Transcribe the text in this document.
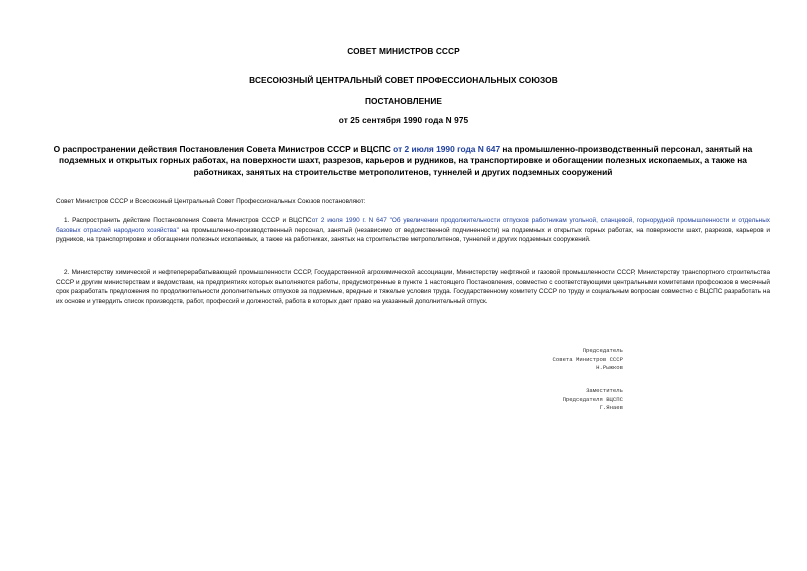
СОВЕТ МИНИСТРОВ СССР
ВСЕСОЮЗНЫЙ ЦЕНТРАЛЬНЫЙ СОВЕТ ПРОФЕССИОНАЛЬНЫХ СОЮЗОВ
ПОСТАНОВЛЕНИЕ
от 25 сентября 1990 года N 975
О распространении действия Постановления Совета Министров СССР и ВЦСПС от 2 июля 1990 года N 647 на промышленно-производственный персонал, занятый на подземных и открытых горных работах, на поверхности шахт, разрезов, карьеров и рудников, на транспортировке и обогащении полезных ископаемых, а также на работниках, занятых на строительстве метрополитенов, туннелей и других подземных сооружений
Совет Министров СССР и Всесоюзный Центральный Совет Профессиональных Союзов постановляют:
1. Распространить действие Постановления Совета Министров СССР и ВЦСПСот 2 июля 1990 г. N 647 "Об увеличении продолжительности отпусков работникам угольной, сланцевой, горнорудной промышленности и отдельных базовых отраслей народного хозяйства" на промышленно-производственный персонал, занятый (независимо от ведомственной подчиненности) на подземных и открытых горных работах, на поверхности шахт, разрезов, карьеров и рудников, на транспортировке и обогащении полезных ископаемых, а также на работниках, занятых на строительстве метрополитенов, туннелей и других подземных сооружений.
2. Министерству химической и нефтеперерабатывающей промышленности СССР, Государственной агрохимической ассоциации, Министерству нефтяной и газовой промышленности СССР, Министерству транспортного строительства СССР и другим министерствам и ведомствам, на предприятиях которых выполняются работы, предусмотренные в пункте 1 настоящего Постановления, совместно с соответствующими центральными комитетами профсоюзов в месячный срок разработать предложения по продолжительности дополнительных отпусков за подземные, вредные и тяжелые условия труда. Государственному комитету СССР по труду и социальным вопросам совместно с ВЦСПС разработать на их основе и утвердить список производств, работ, профессий и должностей, работа в которых дает право на указанный дополнительный отпуск.
Председатель
Совета Министров СССР
Н.Рыжков
Заместитель
Председателя ВЦСПС
Г.Янаев
